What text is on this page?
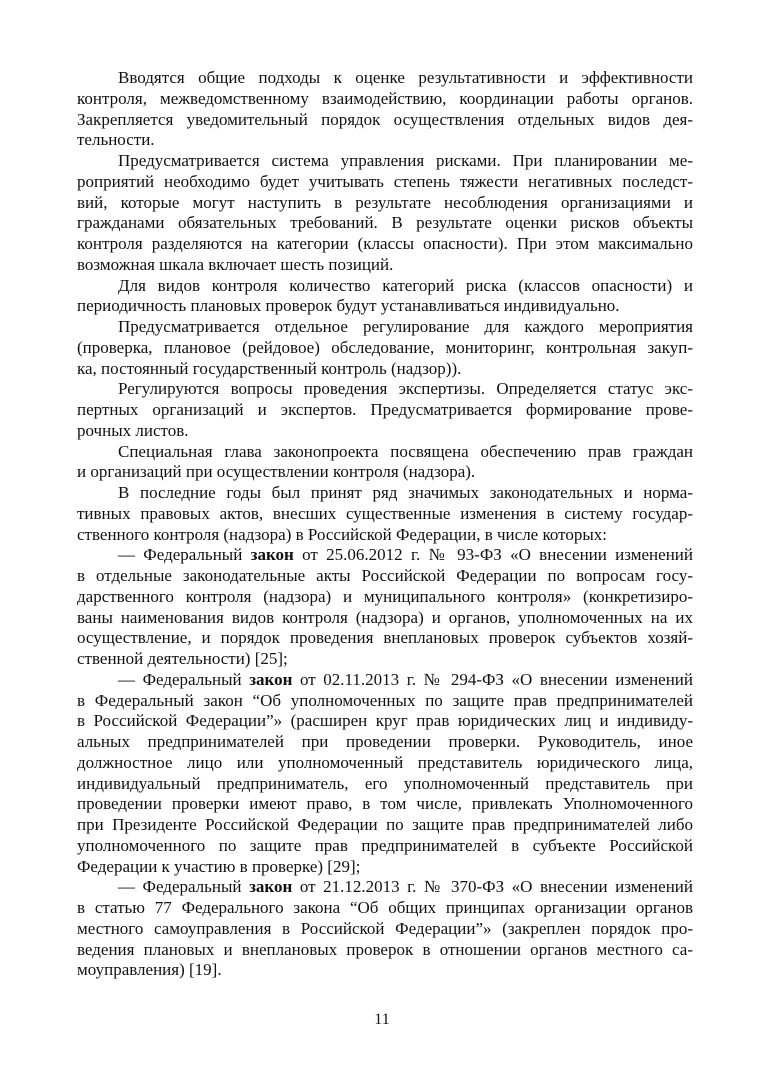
Вводятся общие подходы к оценке результативности и эффективности
контроля, межведомственному взаимодействию, координации работы органов.
Закрепляется уведомительный порядок осуществления отдельных видов дея-
тельности.
Предусматривается система управления рисками. При планировании ме-
роприятий необходимо будет учитывать степень тяжести негативных последст-
вий, которые могут наступить в результате несоблюдения организациями и
гражданами обязательных требований. В результате оценки рисков объекты
контроля разделяются на категории (классы опасности). При этом максимально
возможная шкала включает шесть позиций.
Для видов контроля количество категорий риска (классов опасности) и
периодичность плановых проверок будут устанавливаться индивидуально.
Предусматривается отдельное регулирование для каждого мероприятия
(проверка, плановое (рейдовое) обследование, мониторинг, контрольная закуп-
ка, постоянный государственный контроль (надзор)).
Регулируются вопросы проведения экспертизы. Определяется статус экс-
пертных организаций и экспертов. Предусматривается формирование прове-
рочных листов.
Специальная глава законопроекта посвящена обеспечению прав граждан
и организаций при осуществлении контроля (надзора).
В последние годы был принят ряд значимых законодательных и норма-
тивных правовых актов, внесших существенные изменения в систему государ-
ственного контроля (надзора) в Российской Федерации, в числе которых:
— Федеральный закон от 25.06.2012 г. № 93-ФЗ «О внесении изменений
в отдельные законодательные акты Российской Федерации по вопросам госу-
дарственного контроля (надзора) и муниципального контроля» (конкретизиро-
ваны наименования видов контроля (надзора) и органов, уполномоченных на их
осуществление, и порядок проведения внеплановых проверок субъектов хозяй-
ственной деятельности) [25];
— Федеральный закон от 02.11.2013 г. № 294-ФЗ «О внесении изменений
в Федеральный закон “Об уполномоченных по защите прав предпринимателей
в Российской Федерации”» (расширен круг прав юридических лиц и индивиду-
альных предпринимателей при проведении проверки. Руководитель, иное
должностное лицо или уполномоченный представитель юридического лица,
индивидуальный предприниматель, его уполномоченный представитель при
проведении проверки имеют право, в том числе, привлекать Уполномоченного
при Президенте Российской Федерации по защите прав предпринимателей либо
уполномоченного по защите прав предпринимателей в субъекте Российской
Федерации к участию в проверке) [29];
— Федеральный закон от 21.12.2013 г. № 370-ФЗ «О внесении изменений
в статью 77 Федерального закона “Об общих принципах организации органов
местного самоуправления в Российской Федерации”» (закреплен порядок про-
ведения плановых и внеплановых проверок в отношении органов местного са-
моуправления) [19].
11
